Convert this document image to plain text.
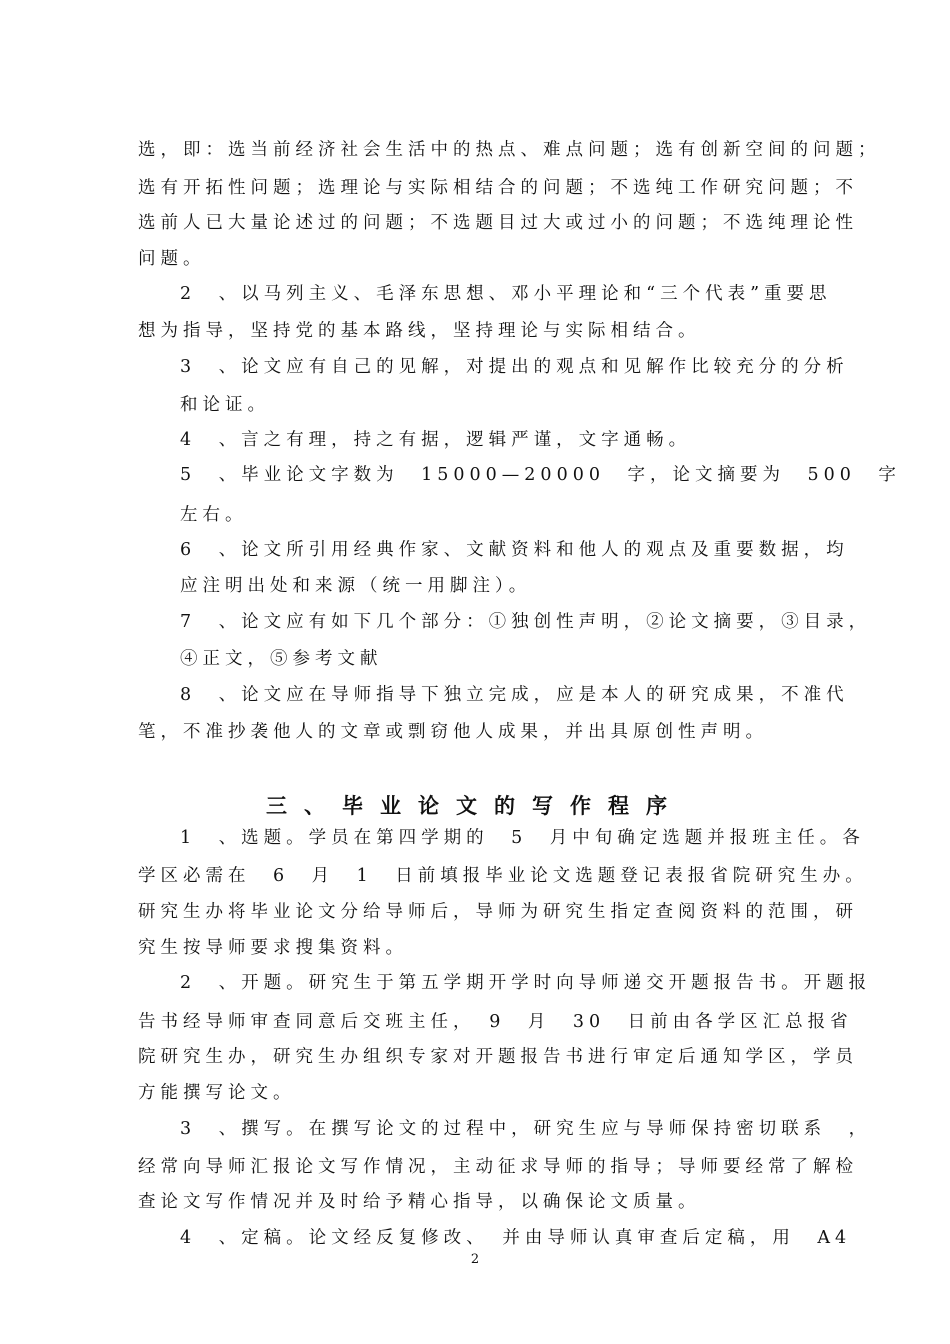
选，即：选当前经济社会生活中的热点、难点问题；选有创新空间的问题；
选有开拓性问题；选理论与实际相结合的问题；不选纯工作研究问题；不
选前人已大量论述过的问题；不选题目过大或过小的问题；不选纯理论性
问题。
2　、以马列主义、毛泽东思想、邓小平理论和“三个代表”重要思
想为指导，坚持党的基本路线，坚持理论与实际相结合。
3　、论文应有自己的见解，对提出的观点和见解作比较充分的分析
和论证。
4　、言之有理，持之有据，逻辑严谨，文字通畅。
5　、毕业论文字数为　15000—20000　字，论文摘要为　500　字
左右。
6　、论文所引用经典作家、文献资料和他人的观点及重要数据，均
应注明出处和来源（统一用脚注）。
7　、论文应有如下几个部分：①独创性声明，②论文摘要，③目录，
④正文，⑤参考文献
8　、论文应在导师指导下独立完成，应是本人的研究成果，不准代
笔，不准抄袭他人的文章或剽窃他人成果，并出具原创性声明。
三、毕业论文的写作程序
1　、选题。学员在第四学期的　5　月中旬确定选题并报班主任。各
学区必需在　6　月　1　日前填报毕业论文选题登记表报省院研究生办。
研究生办将毕业论文分给导师后，导师为研究生指定查阅资料的范围，研
究生按导师要求搜集资料。
2　、开题。研究生于第五学期开学时向导师递交开题报告书。开题报
告书经导师审查同意后交班主任，　9　月　30　日前由各学区汇总报省
院研究生办，研究生办组织专家对开题报告书进行审定后通知学区，学员
方能撰写论文。
3　、撰写。在撰写论文的过程中，研究生应与导师保持密切联系　，
经常向导师汇报论文写作情况，主动征求导师的指导；导师要经常了解检
查论文写作情况并及时给予精心指导，以确保论文质量。
4　、定稿。论文经反复修改、　并由导师认真审查后定稿，用　A4
2
